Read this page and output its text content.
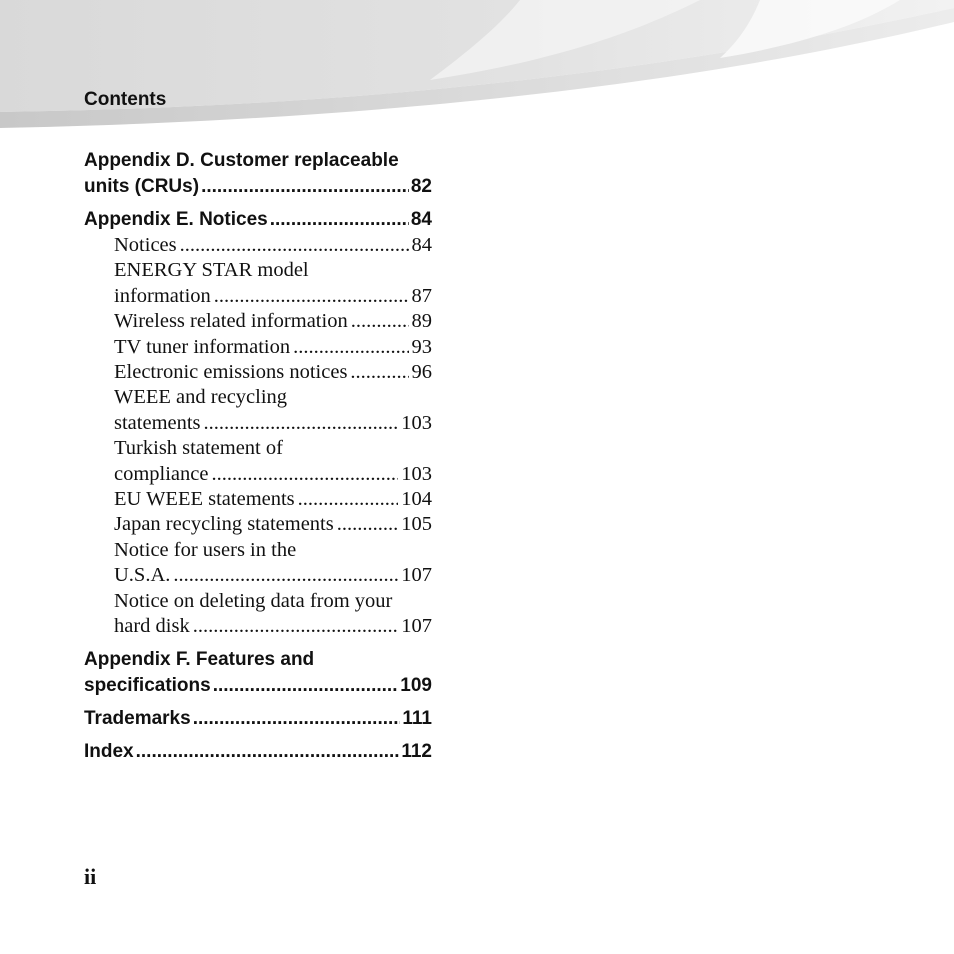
Contents
Appendix D. Customer replaceable
units (CRUs) .....	82
Appendix E. Notices .....	84
Notices .....	84
ENERGY STAR model
information .....	87
Wireless related information .....	89
TV tuner information .....	93
Electronic emissions notices .....	96
WEEE and recycling
statements .....	103
Turkish statement of
compliance .....	103
EU WEEE statements .....	104
Japan recycling statements .....	105
Notice for users in the
U.S.A. .....	107
Notice on deleting data from your
hard disk .....	107
Appendix F. Features and
specifications .....	109
Trademarks .....	111
Index .....	112
ii
